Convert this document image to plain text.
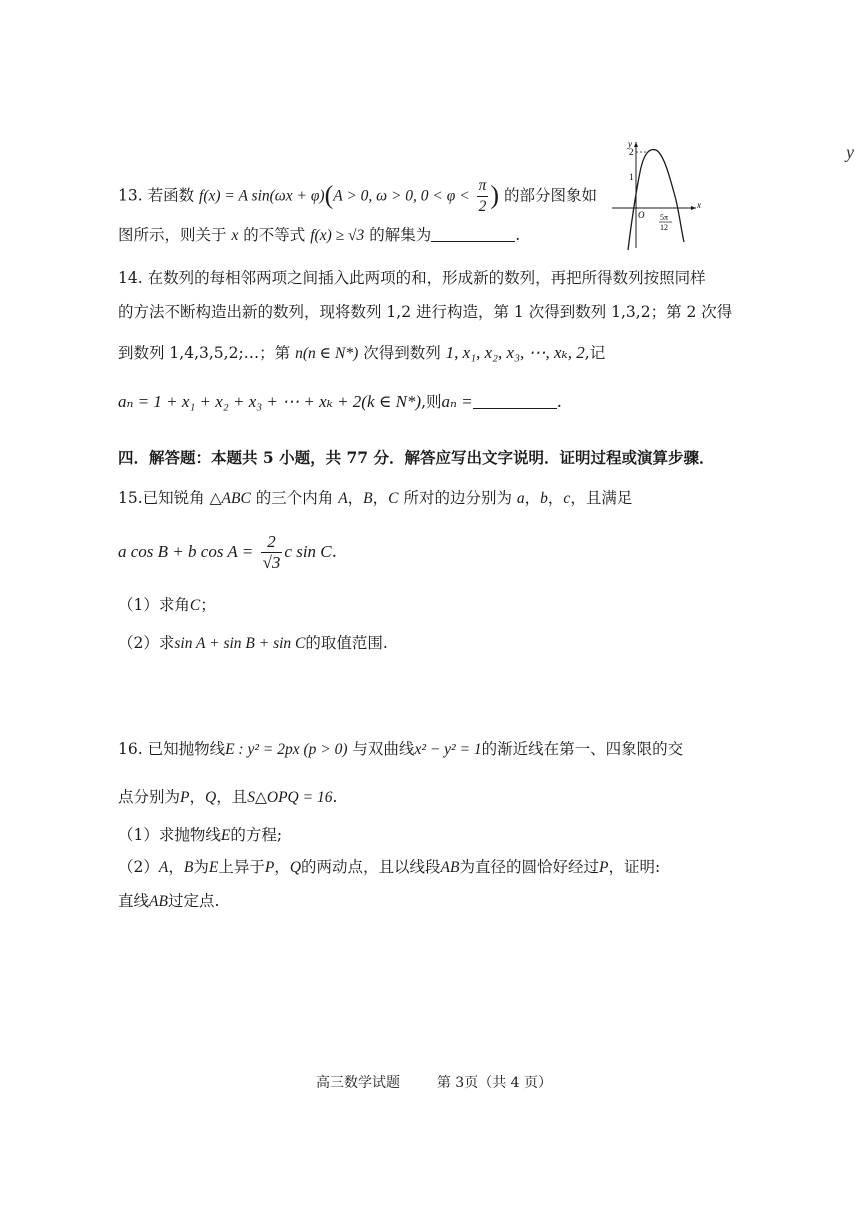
13. 若函数 f(x) = A sin(ωx + φ)(A > 0, ω > 0, $0 < \varphi < \frac{\pi}{2}$ ) 的部分图象如
图所示，则关于 x 的不等式 f(x) ≥ √3 的解集为	.
y
x
2
1
O 5π
12
14. 在数列的每相邻两项之间插入此两项的和，形成新的数列，再把所得数列按照同样
的方法不断构造出新的数列，现将数列 1,2 进行构造，第 1 次得到数列 1,3,2；第 2 次得
到数列 1,4,3,5,2;…；第 n(n ∈ N*) 次得到数列 1, x₁, x₂, x₃, ⋯, xₖ, 2,记
aₙ = 1 + x₁ + x₂ + x₃ + ⋯ + xₖ + 2(k ∈ N*),则aₙ =	.
四．解答题：本题共 5 小题，共 77 分．解答应写出文字说明．证明过程或演算步骤．
15.已知锐角 △ABC 的三个内角 A，B，C 所对的边分别为 a，b，c，且满足
a cos B + b $\cos A = \frac{2}{√3}$ c sin C.
（1）求角C；
（2）求sin A + sin B + sin C的取值范围.
16. 已知抛物线E : y² = 2px (p > 0) 与双曲线x² − y² = 1的渐近线在第一、四象限的交
点分别为P，Q，且S△OPQ = 16.
（1）求抛物线E的方程;
（2）A，B为E上异于P，Q的两动点，且以线段AB为直径的圆恰好经过P，证明:
直线AB过定点.
高三数学试题	第 3页（共 4 页）
y
